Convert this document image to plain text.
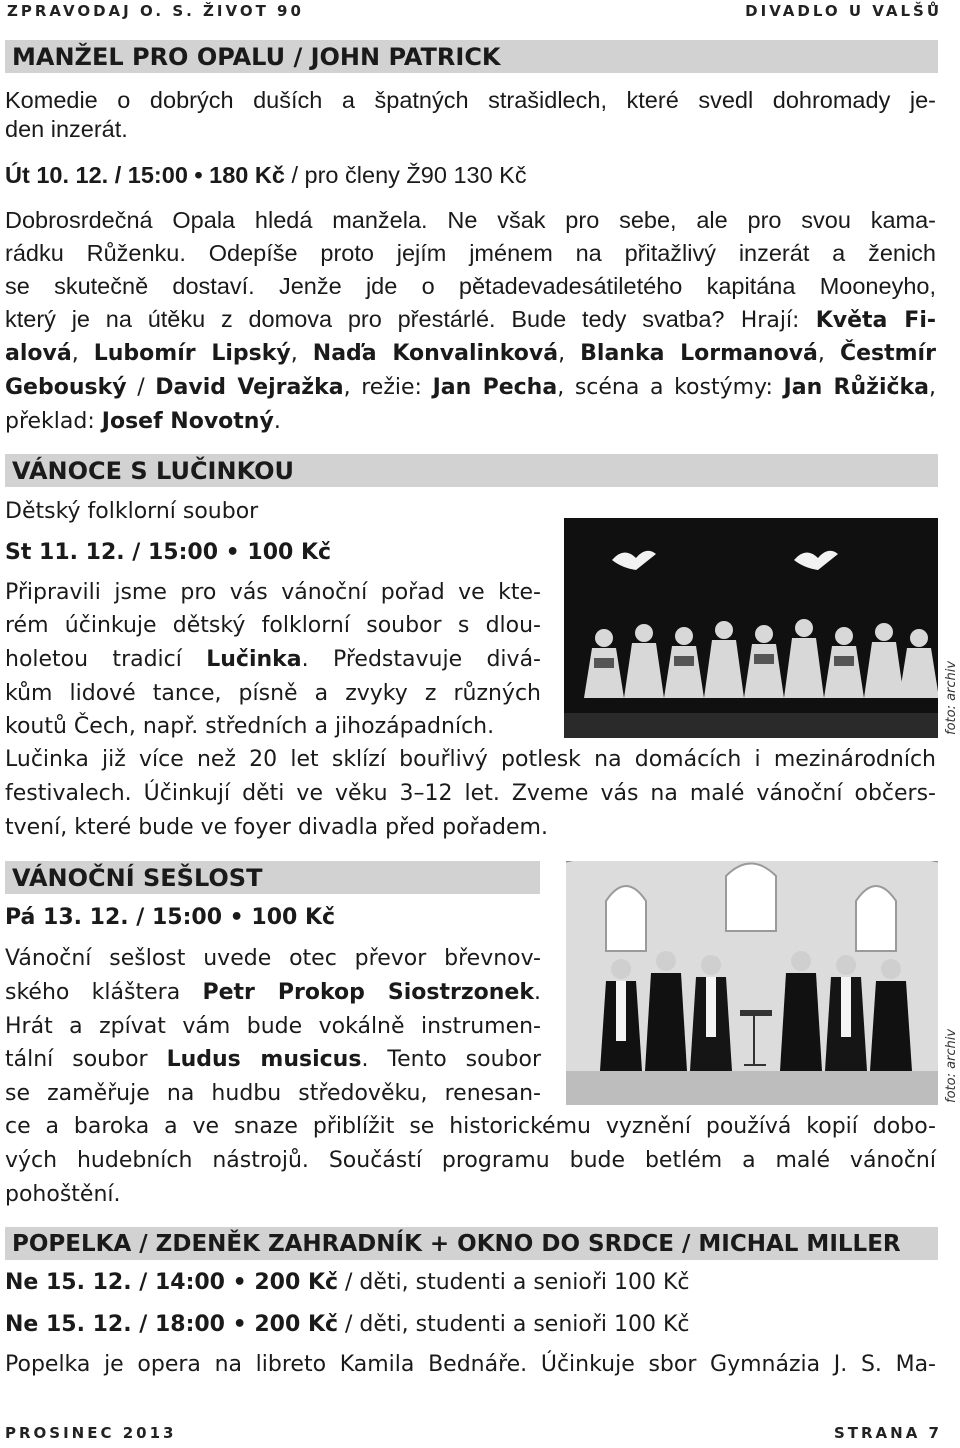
ZPRAVODAJ O. S. ŽIVOT 90	DIVADLO U VALŠŮ
MANŽEL PRO OPALU / JOHN PATRICK
Komedie o dobrých duších a špatných strašidlech, které svedl dohromady je-
den inzerát.
Út 10. 12. / 15:00 • 180 Kč / pro členy Ž90 130 Kč
Dobrosrdečná Opala hledá manžela. Ne však pro sebe, ale pro svou kama-
rádku Růženku. Odepíše proto jejím jménem na přitažlivý inzerát a ženich
se skutečně dostaví. Jenže jde o pětadevadesátiletého kapitána Mooneyho,
který je na útěku z domova pro přestárlé. Bude tedy svatba? Hrají: Květa Fi-
alová, Lubomír Lipský, Naďa Konvalinková, Blanka Lormanová, Čestmír
Gebouský / David Vejražka, režie: Jan Pecha, scéna a kostýmy: Jan Růžička,
překlad: Josef Novotný.
VÁNOCE S LUČINKOU
Dětský folklorní soubor
St 11. 12. / 15:00 • 100 Kč
Připravili jsme pro vás vánoční pořad ve kte-
rém účinkuje dětský folklorní soubor s dlou-
holetou tradicí Lučinka. Představuje divá-
kům lidové tance, písně a zvyky z různých
koutů Čech, např. středních a jihozápadních.
Lučinka již více než 20 let sklízí bouřlivý potlesk na domácích i mezinárodních
festivalech. Účinkují děti ve věku 3–12 let. Zveme vás na malé vánoční občers-
tvení, které bude ve foyer divadla před pořadem.
foto: archiv
VÁNOČNÍ SEŠLOST
Pá 13. 12. / 15:00 • 100 Kč
Vánoční sešlost uvede otec převor břevnov-
ského kláštera Petr Prokop Siostrzonek.
Hrát a zpívat vám bude vokálně instrumen-
tální soubor Ludus musicus. Tento soubor
se zaměřuje na hudbu středověku, renesan-
ce a baroka a ve snaze přiblížit se historickému vyznění používá kopií dobo-
vých hudebních nástrojů. Součástí programu bude betlém a malé vánoční
pohoštění.
foto: archiv
POPELKA / ZDENĚK ZAHRADNÍK + OKNO DO SRDCE / MICHAL MILLER
Ne 15. 12. / 14:00 • 200 Kč / děti, studenti a senioři 100 Kč
Ne 15. 12. / 18:00 • 200 Kč / děti, studenti a senioři 100 Kč
Popelka je opera na libreto Kamila Bednáře. Účinkuje sbor Gymnázia J. S. Ma-
PROSINEC 2013	STRANA 7
